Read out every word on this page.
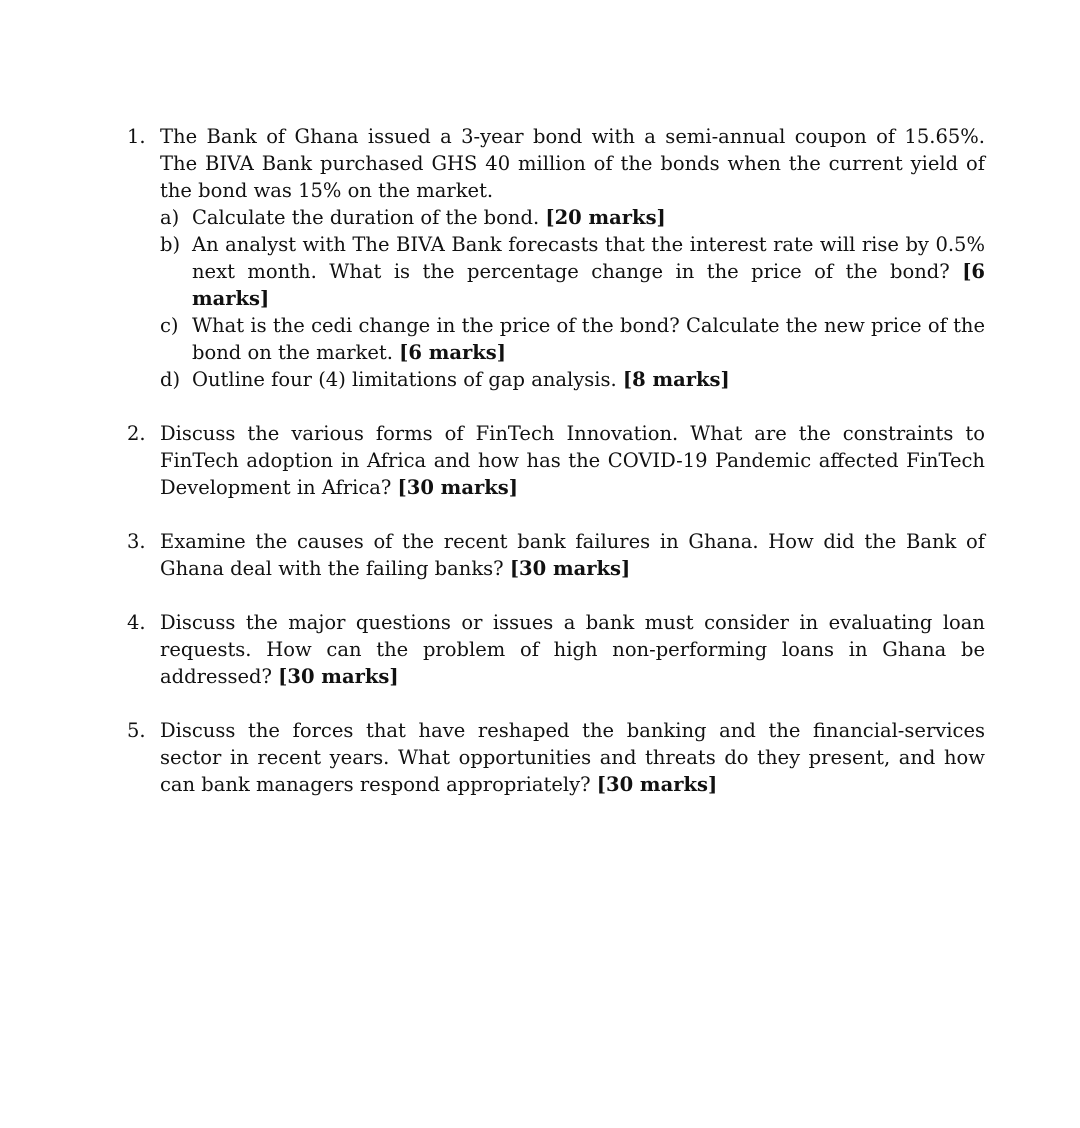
1. The Bank of Ghana issued a 3-year bond with a semi-annual coupon of 15.65%. The BIVA Bank purchased GHS 40 million of the bonds when the current yield of the bond was 15% on the market.

a) Calculate the duration of the bond. [20 marks]

b) An analyst with The BIVA Bank forecasts that the interest rate will rise by 0.5% next month. What is the percentage change in the price of the bond? [6 marks]

c) What is the cedi change in the price of the bond? Calculate the new price of the bond on the market. [6 marks]

d) Outline four (4) limitations of gap analysis. [8 marks]

2. Discuss the various forms of FinTech Innovation. What are the constraints to FinTech adoption in Africa and how has the COVID-19 Pandemic affected FinTech Development in Africa? [30 marks]

3. Examine the causes of the recent bank failures in Ghana. How did the Bank of Ghana deal with the failing banks? [30 marks]

4. Discuss the major questions or issues a bank must consider in evaluating loan requests. How can the problem of high non-performing loans in Ghana be addressed? [30 marks]

5. Discuss the forces that have reshaped the banking and the financial-services sector in recent years. What opportunities and threats do they present, and how can bank managers respond appropriately? [30 marks]
